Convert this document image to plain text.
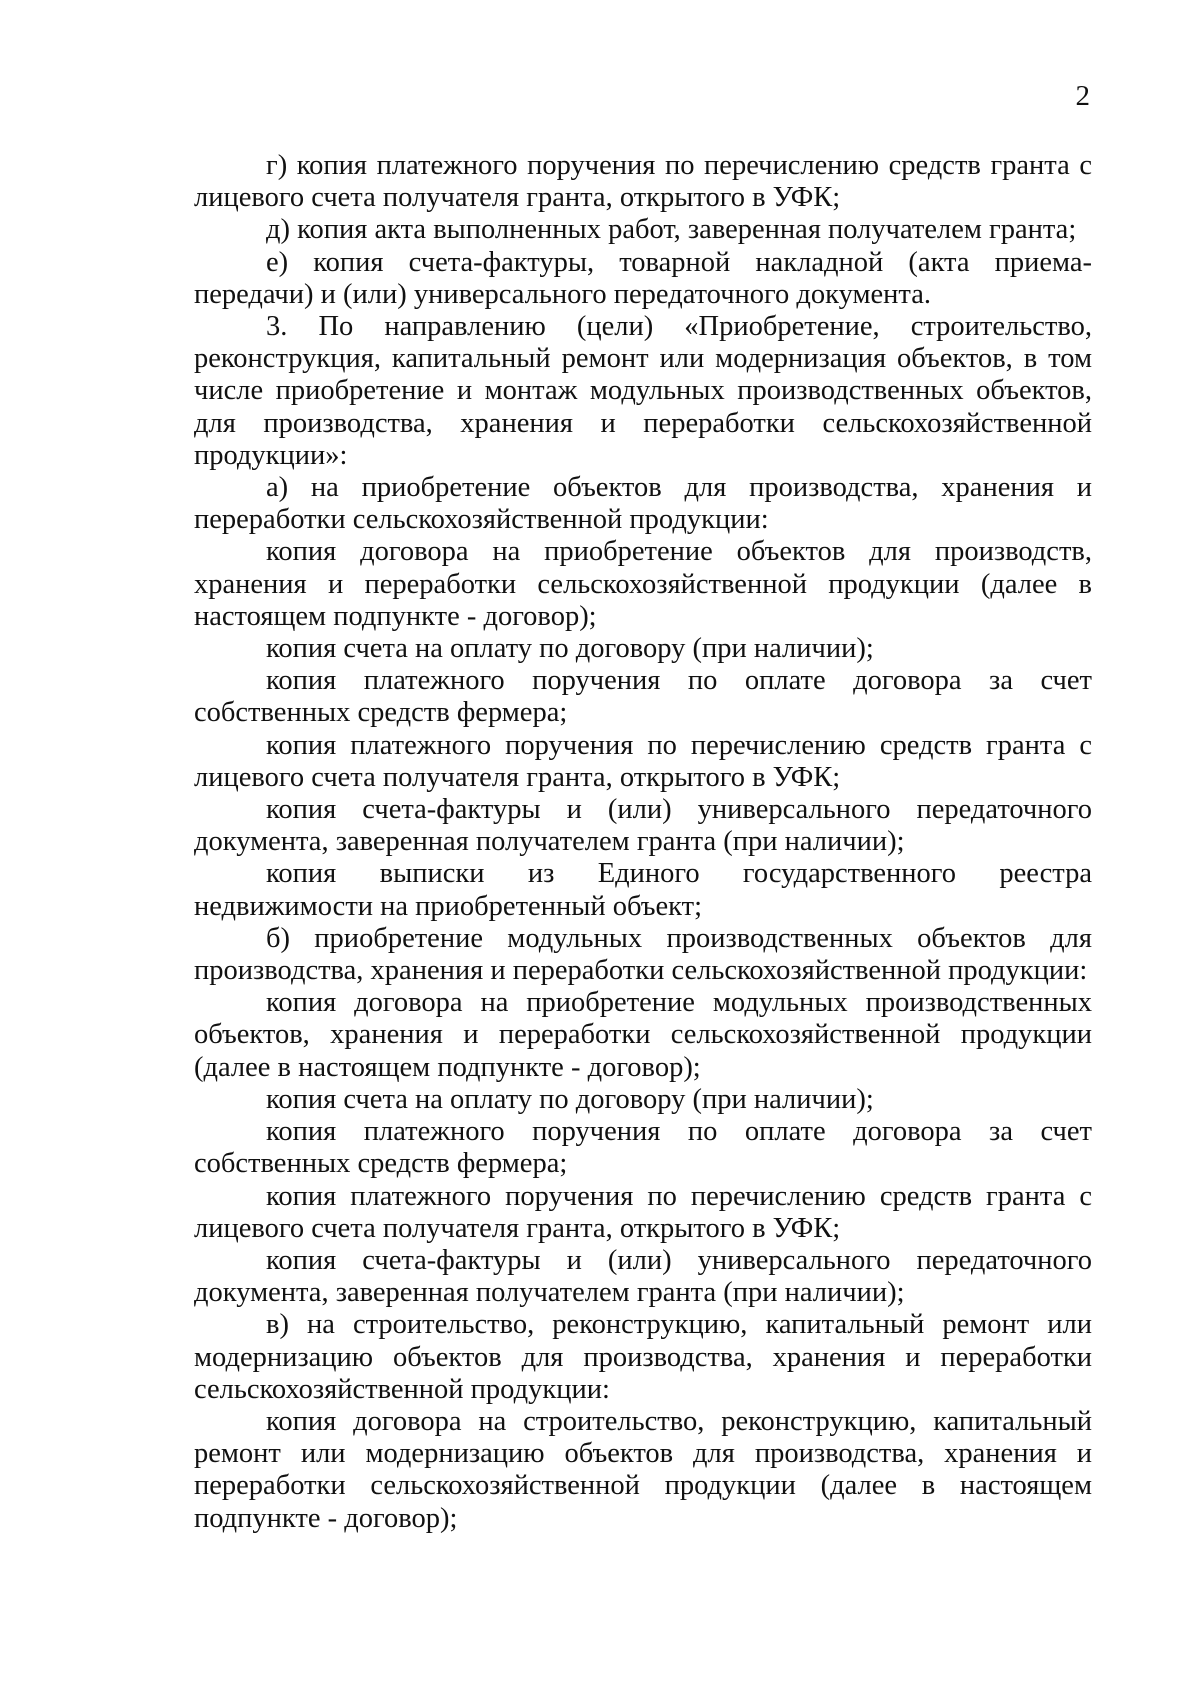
2

г) копия платежного поручения по перечислению средств гранта с лицевого счета получателя гранта, открытого в УФК;

д) копия акта выполненных работ, заверенная получателем гранта;

е) копия счета-фактуры, товарной накладной (акта приема-передачи) и (или) универсального передаточного документа.

3. По направлению (цели) «Приобретение, строительство, реконструкция, капитальный ремонт или модернизация объектов, в том числе приобретение и монтаж модульных производственных объектов, для производства, хранения и переработки сельскохозяйственной продукции»:

а) на приобретение объектов для производства, хранения и переработки сельскохозяйственной продукции:

копия договора на приобретение объектов для производств, хранения и переработки сельскохозяйственной продукции (далее в настоящем подпункте - договор);

копия счета на оплату по договору (при наличии);

копия платежного поручения по оплате договора за счет собственных средств фермера;

копия платежного поручения по перечислению средств гранта с лицевого счета получателя гранта, открытого в УФК;

копия счета-фактуры и (или) универсального передаточного документа, заверенная получателем гранта (при наличии);

копия выписки из Единого государственного реестра недвижимости на приобретенный объект;

б) приобретение модульных производственных объектов для производства, хранения и переработки сельскохозяйственной продукции:

копия договора на приобретение модульных производственных объектов, хранения и переработки сельскохозяйственной продукции (далее в настоящем подпункте - договор);

копия счета на оплату по договору (при наличии);

копия платежного поручения по оплате договора за счет собственных средств фермера;

копия платежного поручения по перечислению средств гранта с лицевого счета получателя гранта, открытого в УФК;

копия счета-фактуры и (или) универсального передаточного документа, заверенная получателем гранта (при наличии);

в) на строительство, реконструкцию, капитальный ремонт или модернизацию объектов для производства, хранения и переработки сельскохозяйственной продукции:

копия договора на строительство, реконструкцию, капитальный ремонт или модернизацию объектов для производства, хранения и переработки сельскохозяйственной продукции (далее в настоящем подпункте - договор);
